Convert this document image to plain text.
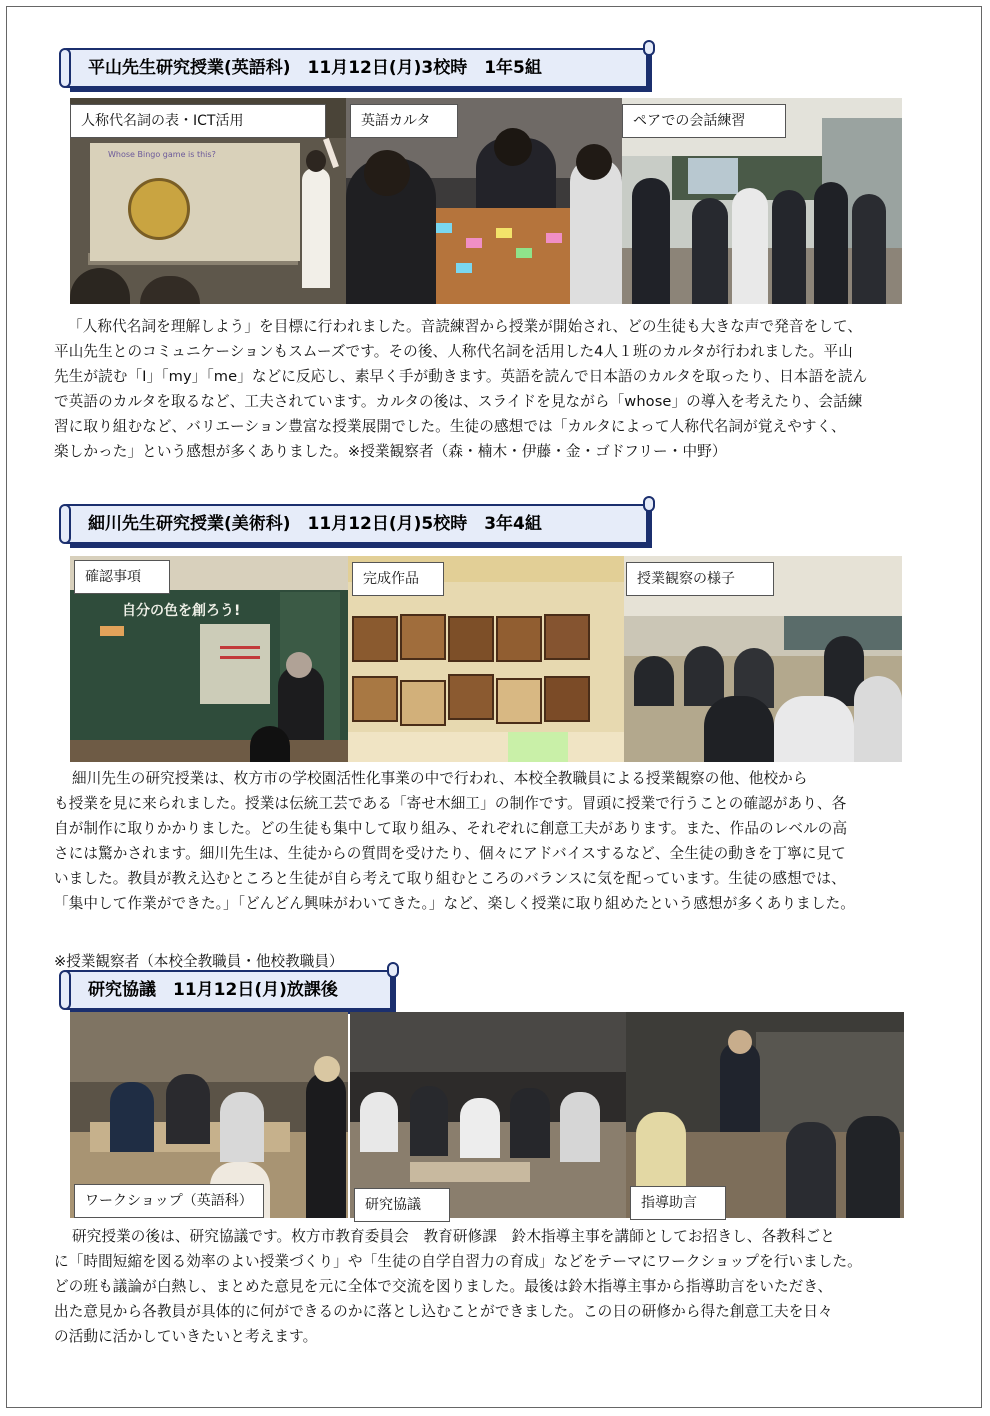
平山先生研究授業(英語科)　11月12日(月)3校時　1年5組
Whose Bingo game is this?
人称代名詞の表・ICT活用	英語カルタ	ペアでの会話練習
「人称代名詞を理解しよう」を目標に行われました。音読練習から授業が開始され、どの生徒も大きな声で発音をして、
平山先生とのコミュニケーションもスムーズです。その後、人称代名詞を活用した4人１班のカルタが行われました。平山
先生が読む「I」「my」「me」などに反応し、素早く手が動きます。英語を読んで日本語のカルタを取ったり、日本語を読ん
で英語のカルタを取るなど、工夫されています。カルタの後は、スライドを見ながら「whose」の導入を考えたり、会話練
習に取り組むなど、バリエーション豊富な授業展開でした。生徒の感想では「カルタによって人称代名詞が覚えやすく、
楽しかった」という感想が多くありました。※授業観察者（森・楠木・伊藤・金・ゴドフリー・中野）
細川先生研究授業(美術科)　11月12日(月)5校時　3年4組
自分の色を創ろう!
確認事項	完成作品	授業観察の様子
細川先生の研究授業は、枚方市の学校園活性化事業の中で行われ、本校全教職員による授業観察の他、他校から
も授業を見に来られました。授業は伝統工芸である「寄せ木細工」の制作です。冒頭に授業で行うことの確認があり、各
自が制作に取りかかりました。どの生徒も集中して取り組み、それぞれに創意工夫があります。また、作品のレベルの高
さには驚かされます。細川先生は、生徒からの質問を受けたり、個々にアドバイスするなど、全生徒の動きを丁寧に見て
いました。教員が教え込むところと生徒が自ら考えて取り組むところのバランスに気を配っています。生徒の感想では、
「集中して作業ができた。」「どんどん興味がわいてきた。」など、楽しく授業に取り組めたという感想が多くありました。
研究協議　11月12日(月)放課後
※授業観察者（本校全教職員・他校教職員）
ワークショップ（英語科）	研究協議	指導助言
研究授業の後は、研究協議です。枚方市教育委員会　教育研修課　鈴木指導主事を講師としてお招きし、各教科ごと
に「時間短縮を図る効率のよい授業づくり」や「生徒の自学自習力の育成」などをテーマにワークショップを行いました。
どの班も議論が白熱し、まとめた意見を元に全体で交流を図りました。最後は鈴木指導主事から指導助言をいただき、
出た意見から各教員が具体的に何ができるのかに落とし込むことができました。この日の研修から得た創意工夫を日々
の活動に活かしていきたいと考えます。
